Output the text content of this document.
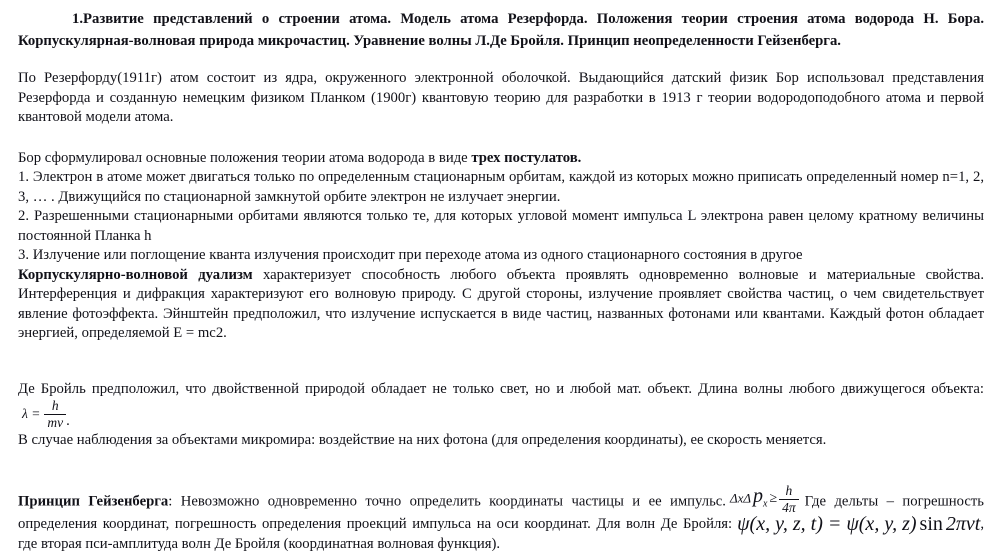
1.Развитие представлений о строении атома. Модель атома Резерфорда. Положения теории строения атома водорода Н. Бора. Корпускулярная-волновая природа микрочастиц. Уравнение волны Л.Де Бройля. Принцип неопределенности Гейзенберга.

По Резерфорду(1911г) атом состоит из ядра, окруженного электронной оболочкой. Выдающийся датский физик Бор использовал представления Резерфорда и созданную немецким физиком Планком (1900г) квантовую теорию для разработки в 1913 г теории водородоподобного атома и первой квантовой модели атома.

Бор сформулировал основные положения теории атома водорода в виде трех постулатов.

1. Электрон в атоме может двигаться только по определенным стационарным орбитам, каждой из которых можно приписать определенный номер n=1, 2, 3, … . Движущийся по стационарной замкнутой орбите электрон не излучает энергии.

2. Разрешенными стационарными орбитами являются только те, для которых угловой момент импульса L электрона равен целому кратному величины постоянной Планка h

3. Излучение или поглощение кванта излучения происходит при переходе атома из одного стационарного состояния в другое

Корпускулярно-волновой дуализм характеризует способность любого объекта проявлять одновременно волновые и материальные свойства. Интерференция и дифракция характеризуют его волновую природу. С другой стороны, излучение проявляет свойства частиц, о чем свидетельствует явление фотоэффекта. Эйнштейн предположил, что излучение испускается в виде частиц, названных фотонами или квантами. Каждый фотон обладает энергией, определяемой Е = mc2.

Де Бройль предположил, что двойственной природой обладает не только свет, но и любой мат. объект. Длина волны любого движущегося объекта: $\lambda = \frac{h}{mv}$ .

В случае наблюдения за объектами микромира: воздействие на них фотона (для определения координаты), ее скорость меняется.

Принцип Гейзенберга: Невозможно одновременно точно определить координаты частицы и ее импульс. ΔxΔ $p_x \ge \frac{h}{4\pi}$ Где дельты – погрешность определения координат, погрешность определения проекций импульса на оси координат. Для волн Де Бройля: ψ(x, y, z, t) = ψ(x, y, z) sin 2πνt, где вторая пси-амплитуда волн Де Бройля (координатная волновая функция).
